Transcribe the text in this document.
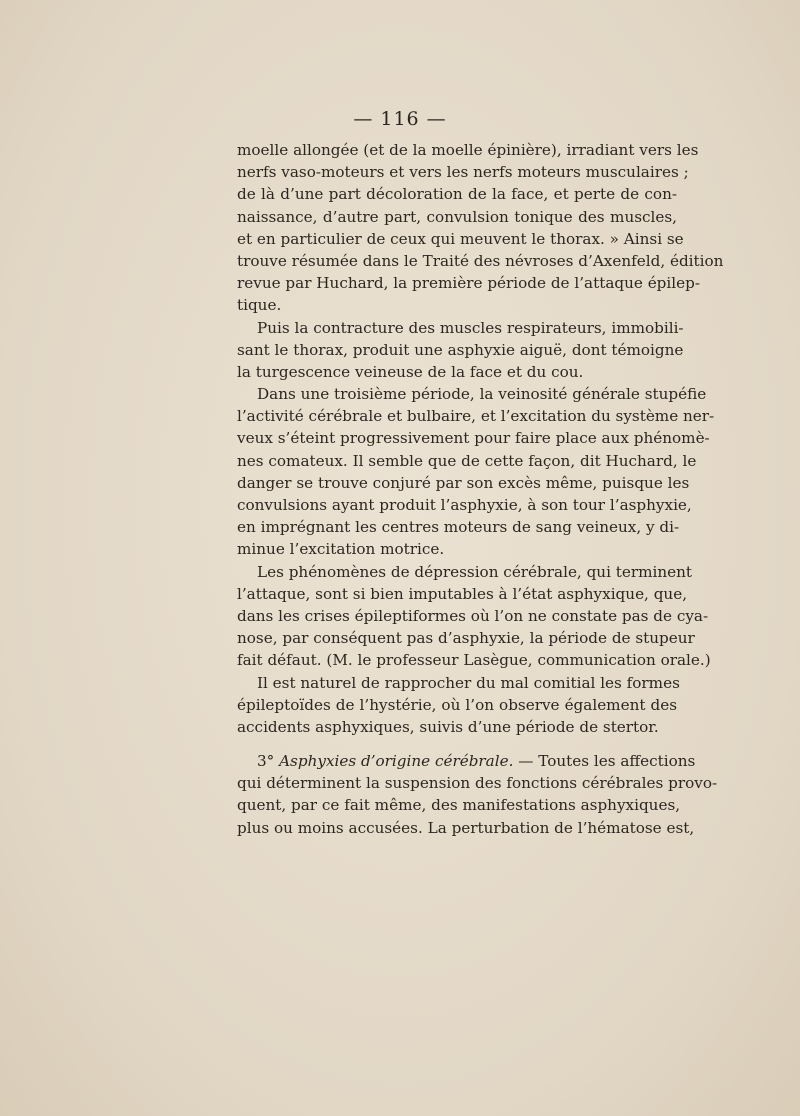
— 116 —
moelle allongée (et de la moelle épinière), irradiant vers les
nerfs vaso-moteurs et vers les nerfs moteurs musculaires ;
de là d’une part décoloration de la face, et perte de con-
naissance, d’autre part, convulsion tonique des muscles,
et en particulier de ceux qui meuvent le thorax. » Ainsi se
trouve résumée dans le Traité des névroses d’Axenfeld, édition
revue par Huchard, la première période de l’attaque épilep-
tique.
Puis la contracture des muscles respirateurs, immobili-
sant le thorax, produit une asphyxie aiguë, dont témoigne
la turgescence veineuse de la face et du cou.
Dans une troisième période, la veinosité générale stupéfie
l’activité cérébrale et bulbaire, et l’excitation du système ner-
veux s’éteint progressivement pour faire place aux phénomè-
nes comateux. Il semble que de cette façon, dit Huchard, le
danger se trouve conjuré par son excès même, puisque les
convulsions ayant produit l’asphyxie, à son tour l’asphyxie,
en imprégnant les centres moteurs de sang veineux, y di-
minue l’excitation motrice.
Les phénomènes de dépression cérébrale, qui terminent
l’attaque, sont si bien imputables à l’état asphyxique, que,
dans les crises épileptiformes où l’on ne constate pas de cya-
nose, par conséquent pas d’asphyxie, la période de stupeur
fait défaut. (M. le professeur Lasègue, communication orale.)
Il est naturel de rapprocher du mal comitial les formes
épileptoïdes de l’hystérie, où l’on observe également des
accidents asphyxiques, suivis d’une période de stertor.
3° Asphyxies d’origine cérébrale. — Toutes les affections
qui déterminent la suspension des fonctions cérébrales provo-
quent, par ce fait même, des manifestations asphyxiques,
plus ou moins accusées. La perturbation de l’hématose est,
